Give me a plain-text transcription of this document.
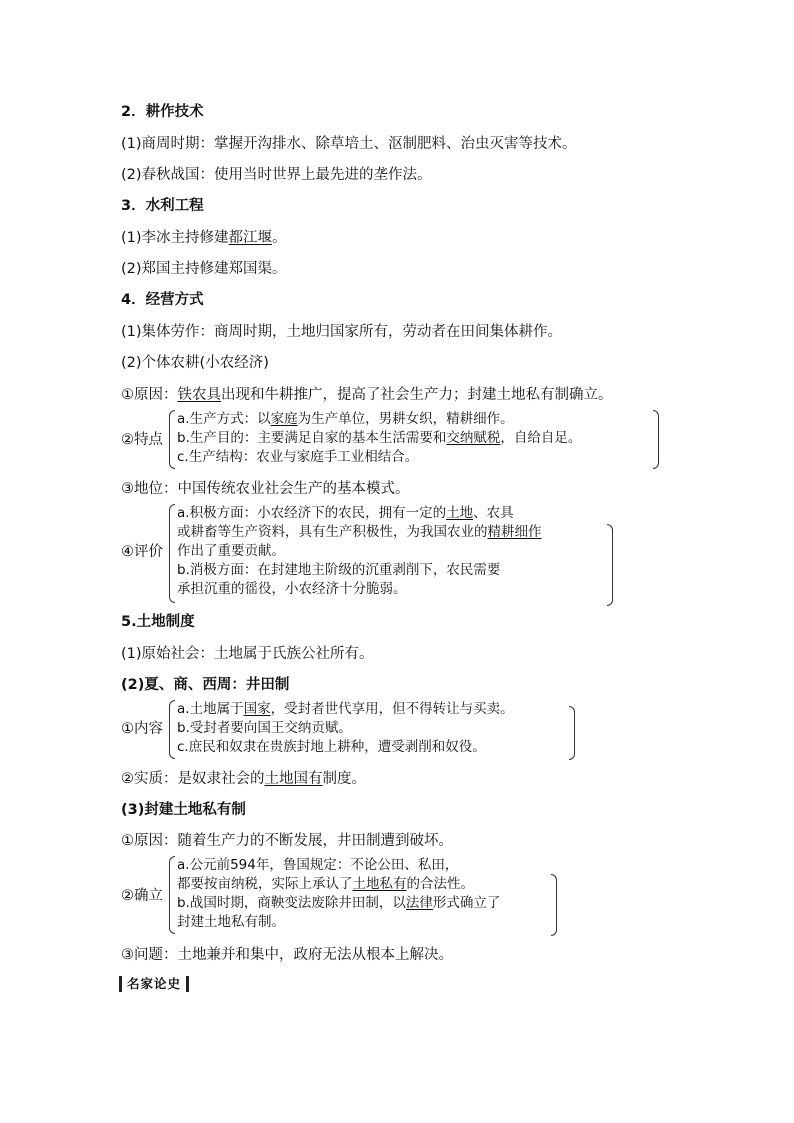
2．耕作技术
(1)商周时期：掌握开沟排水、除草培土、沤制肥料、治虫灭害等技术。
(2)春秋战国：使用当时世界上最先进的垄作法。
3．水利工程
(1)李冰主持修建都江堰。
(2)郑国主持修建郑国渠。
4．经营方式
(1)集体劳作：商周时期，土地归国家所有，劳动者在田间集体耕作。
(2)个体农耕(小农经济)
①原因：铁农具出现和牛耕推广，提高了社会生产力；封建土地私有制确立。
②特点
a.生产方式：以家庭为生产单位，男耕女织，精耕细作。
b.生产目的：主要满足自家的基本生活需要和交纳赋税，自给自足。
c.生产结构：农业与家庭手工业相结合。
③地位：中国传统农业社会生产的基本模式。
④评价
a.积极方面：小农经济下的农民，拥有一定的土地、农具
或耕畜等生产资料，具有生产积极性，为我国农业的精耕细作
作出了重要贡献。
b.消极方面：在封建地主阶级的沉重剥削下，农民需要
承担沉重的徭役，小农经济十分脆弱。
5.土地制度
(1)原始社会：土地属于氏族公社所有。
(2)夏、商、西周：井田制
①内容
a.土地属于国家，受封者世代享用，但不得转让与买卖。
b.受封者要向国王交纳贡赋。
c.庶民和奴隶在贵族封地上耕种，遭受剥削和奴役。
②实质：是奴隶社会的土地国有制度。
(3)封建土地私有制
①原因：随着生产力的不断发展，井田制遭到破坏。
②确立
a.公元前594年，鲁国规定：不论公田、私田，
都要按亩纳税，实际上承认了土地私有的合法性。
b.战国时期，商鞅变法废除井田制，以法律形式确立了
封建土地私有制。
③问题：土地兼并和集中，政府无法从根本上解决。
名家论史
